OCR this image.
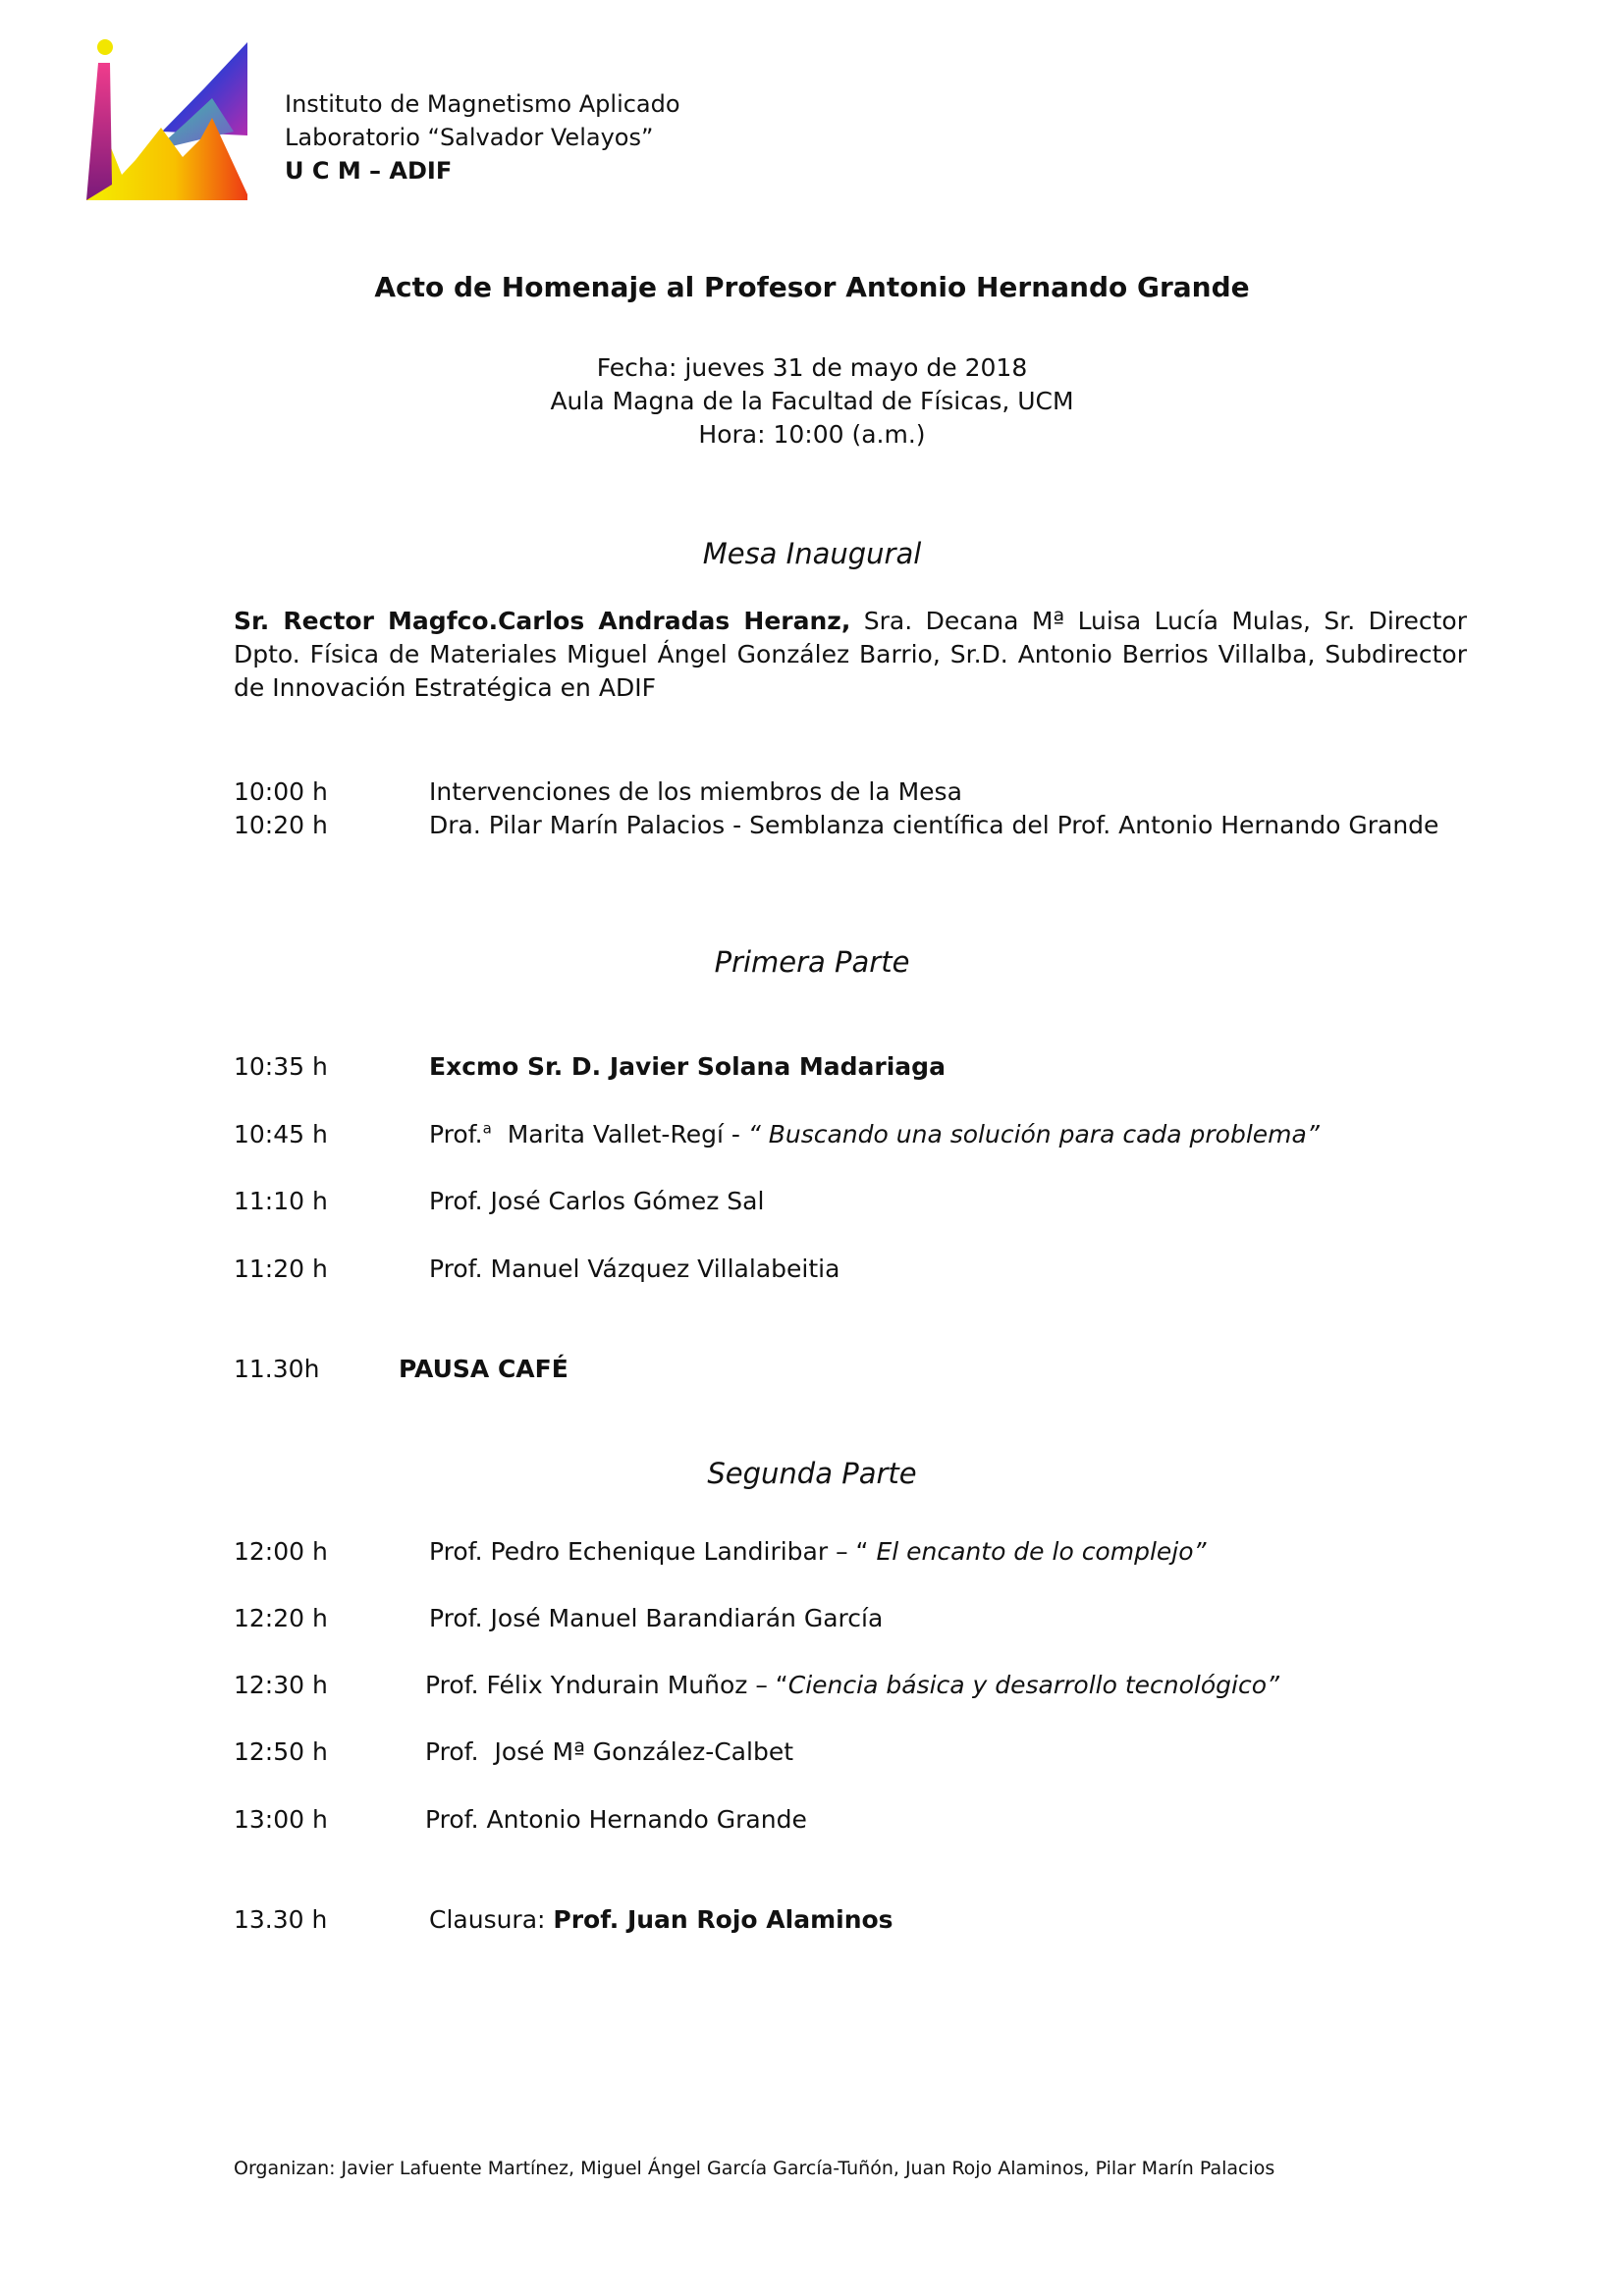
Instituto de Magnetismo Aplicado
Laboratorio “Salvador Velayos”
U C M – ADIF
Acto de Homenaje al Profesor Antonio Hernando Grande
Fecha: jueves 31 de mayo de 2018
Aula Magna de la Facultad de Físicas, UCM
Hora: 10:00 (a.m.)
Mesa Inaugural
Sr. Rector Magfco.Carlos Andradas Heranz, Sra. Decana Mª Luisa Lucía Mulas, Sr. Director Dpto. Física de Materiales Miguel Ángel González Barrio, Sr.D. Antonio Berrios Villalba, Subdirector de Innovación Estratégica en ADIF
10:00 h	Intervenciones de los miembros de la Mesa
10:20 h	Dra. Pilar Marín Palacios - Semblanza científica del Prof. Antonio Hernando Grande
Primera Parte
10:35 h	Excmo Sr. D. Javier Solana Madariaga
10:45 h	Prof.$^a$  Marita Vallet-Regí - “ Buscando una solución para cada problema”
11:10 h	Prof. José Carlos Gómez Sal
11:20 h	Prof. Manuel Vázquez Villalabeitia
11.30h	PAUSA CAFÉ
Segunda Parte
12:00 h	Prof. Pedro Echenique Landiribar – “ El encanto de lo complejo”
12:20 h	Prof. José Manuel Barandiarán García
12:30 h	Prof. Félix Yndurain Muñoz – “Ciencia básica y desarrollo tecnológico”
12:50 h	Prof.  José Mª González-Calbet
13:00 h	Prof. Antonio Hernando Grande
13.30 h	Clausura: Prof. Juan Rojo Alaminos
Organizan: Javier Lafuente Martínez, Miguel Ángel García García-Tuñón, Juan Rojo Alaminos, Pilar Marín Palacios
